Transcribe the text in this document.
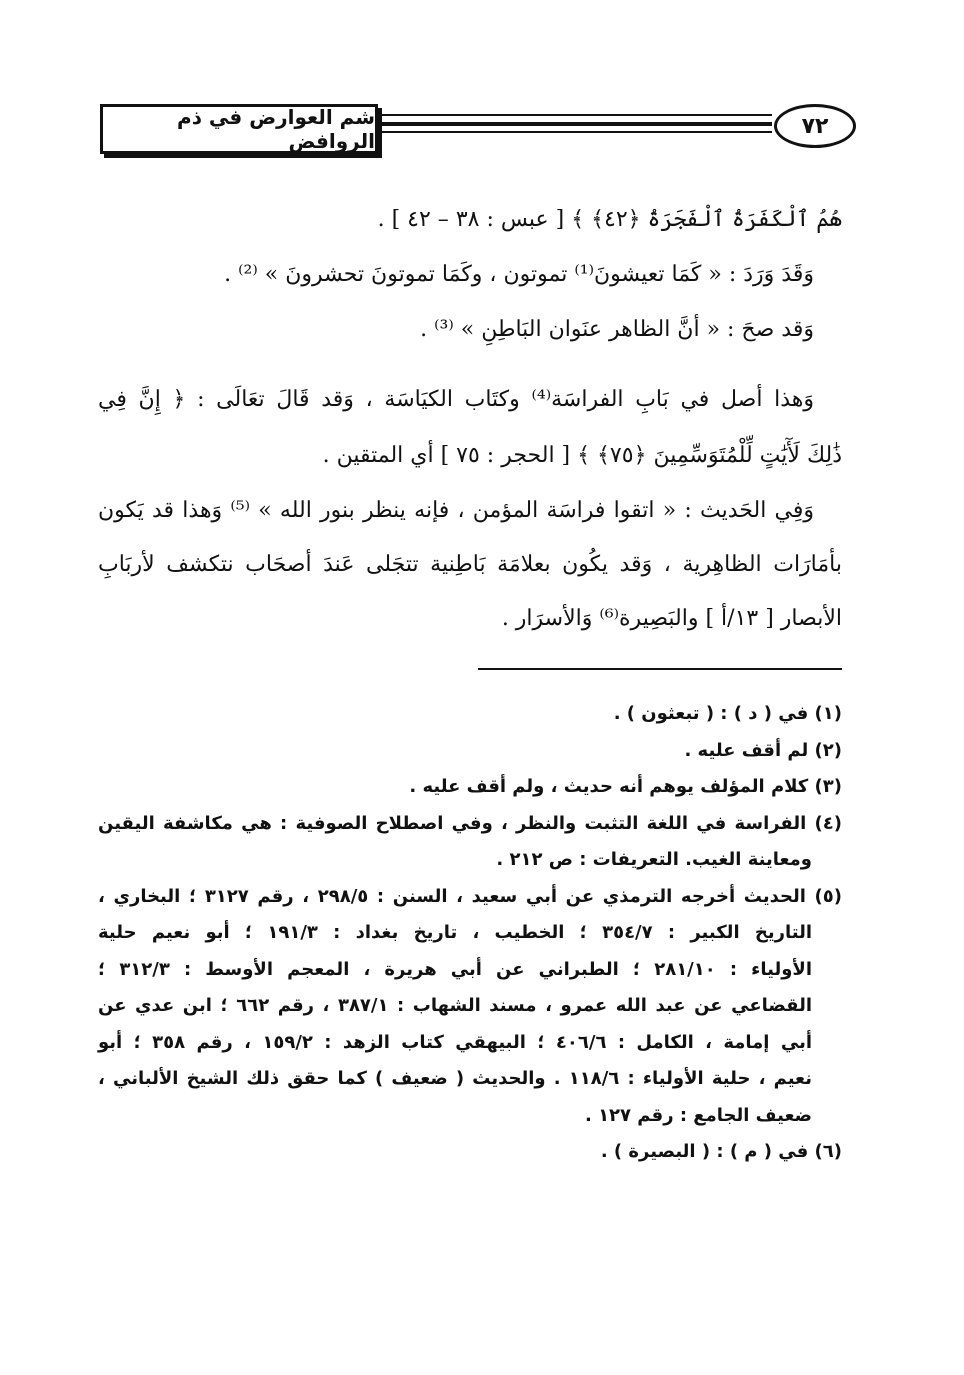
شم العوارض في ذم الروافض
٧٢
هُمُ ٱلْكَفَرَةُ ٱلْفَجَرَةُ ﴿٤٢﴾ ﴾ [ عبس : ٣٨ – ٤٢ ] .
وَقَدَ وَرَدَ : « كَمَا تعيشونَ⁽¹⁾ تموتون ، وكَمَا تموتونَ تحشرونَ » ⁽²⁾ .
وَقد صحَ : « أنَّ الظاهر عنَوان البَاطِنِ » ⁽³⁾ .
وَهذا أصل في بَابِ الفراسَة⁽⁴⁾ وكتَاب الكيَاسَة ، وَقد قَالَ تعَالَى : ﴿ إِنَّ فِي
ذَٰلِكَ لَأٓيَٰتٍ لِّلْمُتَوَسِّمِينَ ﴿٧٥﴾ ﴾ [ الحجر : ٧٥ ] أي المتقين .
وَفِي الحَديث : « اتقوا فراسَة المؤمن ، فإنه ينظر بنور الله » ⁽⁵⁾ وَهذا قد يَكون
بأمَارَات الظاهِرية ، وَقد يكُون بعلامَة بَاطِنية تتجَلى عَندَ أصحَاب نتكشف لأربَابِ
الأبصار [ ١٣/أ ] والبَصِيرة⁽⁶⁾ وَالأسرَار .
(١) في ( د ) : ( تبعثون ) .
(٢) لم أقف عليه .
(٣) كلام المؤلف يوهم أنه حديث ، ولم أقف عليه .
(٤) الفراسة في اللغة التثبت والنظر ، وفي اصطلاح الصوفية : هي مكاشفة اليقين
ومعاينة الغيب. التعريفات : ص ٢١٢ .
(٥) الحديث أخرجه الترمذي عن أبي سعيد ، السنن : ٢٩٨/٥ ، رقم ٣١٢٧ ؛ البخاري ،
التاريخ الكبير : ٣٥٤/٧ ؛ الخطيب ، تاريخ بغداد : ١٩١/٣ ؛ أبو نعيم حلية
الأولياء : ٢٨١/١٠ ؛ الطبراني عن أبي هريرة ، المعجم الأوسط : ٣١٢/٣ ؛
القضاعي عن عبد الله عمرو ، مسند الشهاب : ٣٨٧/١ ، رقم ٦٦٢ ؛ ابن عدي عن
أبي إمامة ، الكامل : ٤٠٦/٦ ؛ البيهقي كتاب الزهد : ١٥٩/٢ ، رقم ٣٥٨ ؛ أبو
نعيم ، حلية الأولياء : ١١٨/٦ . والحديث ( ضعيف ) كما حقق ذلك الشيخ الألباني ،
ضعيف الجامع : رقم ١٢٧ .
(٦) في ( م ) : ( البصيرة ) .
